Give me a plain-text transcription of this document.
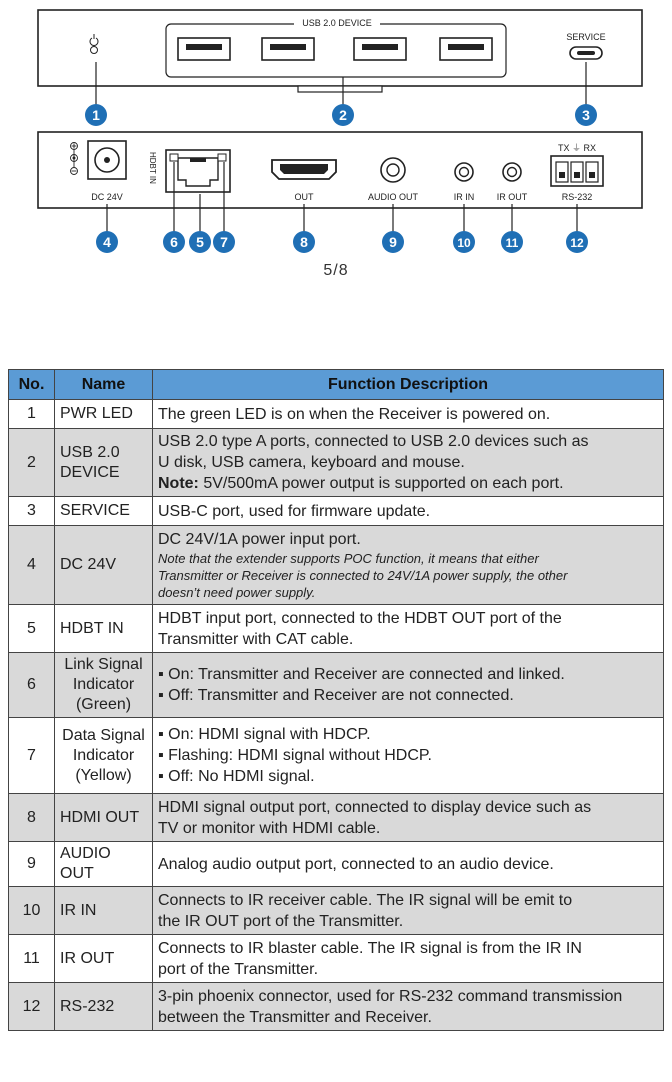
USB 2.0 DEVICE
SERVICE
DC 24V
HDBT IN
OUT	AUDIO OUT	IR IN IR OUT
TX ⏚ RX
RS-232
1	2	3
4	5
6	7	8	9	10	11	12
5/8
No.	Name	Function Description
1	PWR LED	The green LED is on when the Receiver is powered on.

2	USB 2.0
DEVICE	USB 2.0 type A ports, connected to USB 2.0 devices such as
U disk, USB camera, keyboard and mouse.
Note: 5V/500mA power output is supported on each port.

3	SERVICE	USB-C port, used for firmware update.

4	DC 24V	DC 24V/1A power input port.
Note that the extender supports POC function, it means that either
Transmitter or Receiver is connected to 24V/1A power supply, the other
doesn’t need power supply.

5	HDBT IN	HDBT input port, connected to the HDBT OUT port of the
Transmitter with CAT cable.

6	Link Signal
Indicator
(Green)	▪ On: Transmitter and Receiver are connected and linked.
▪ Off: Transmitter and Receiver are not connected.

7	Data Signal
Indicator
(Yellow)	▪ On: HDMI signal with HDCP.
▪ Flashing: HDMI signal without HDCP.
▪ Off: No HDMI signal.

8	HDMI OUT	HDMI signal output port, connected to display device such as
TV or monitor with HDMI cable.

9	AUDIO OUT	Analog audio output port, connected to an audio device.

10	IR IN	Connects to IR receiver cable. The IR signal will be emit to
the IR OUT port of the Transmitter.

11	IR OUT	Connects to IR blaster cable. The IR signal is from the IR IN
port of the Transmitter.

12	RS-232	3-pin phoenix connector, used for RS-232 command transmission
between the Transmitter and Receiver.
